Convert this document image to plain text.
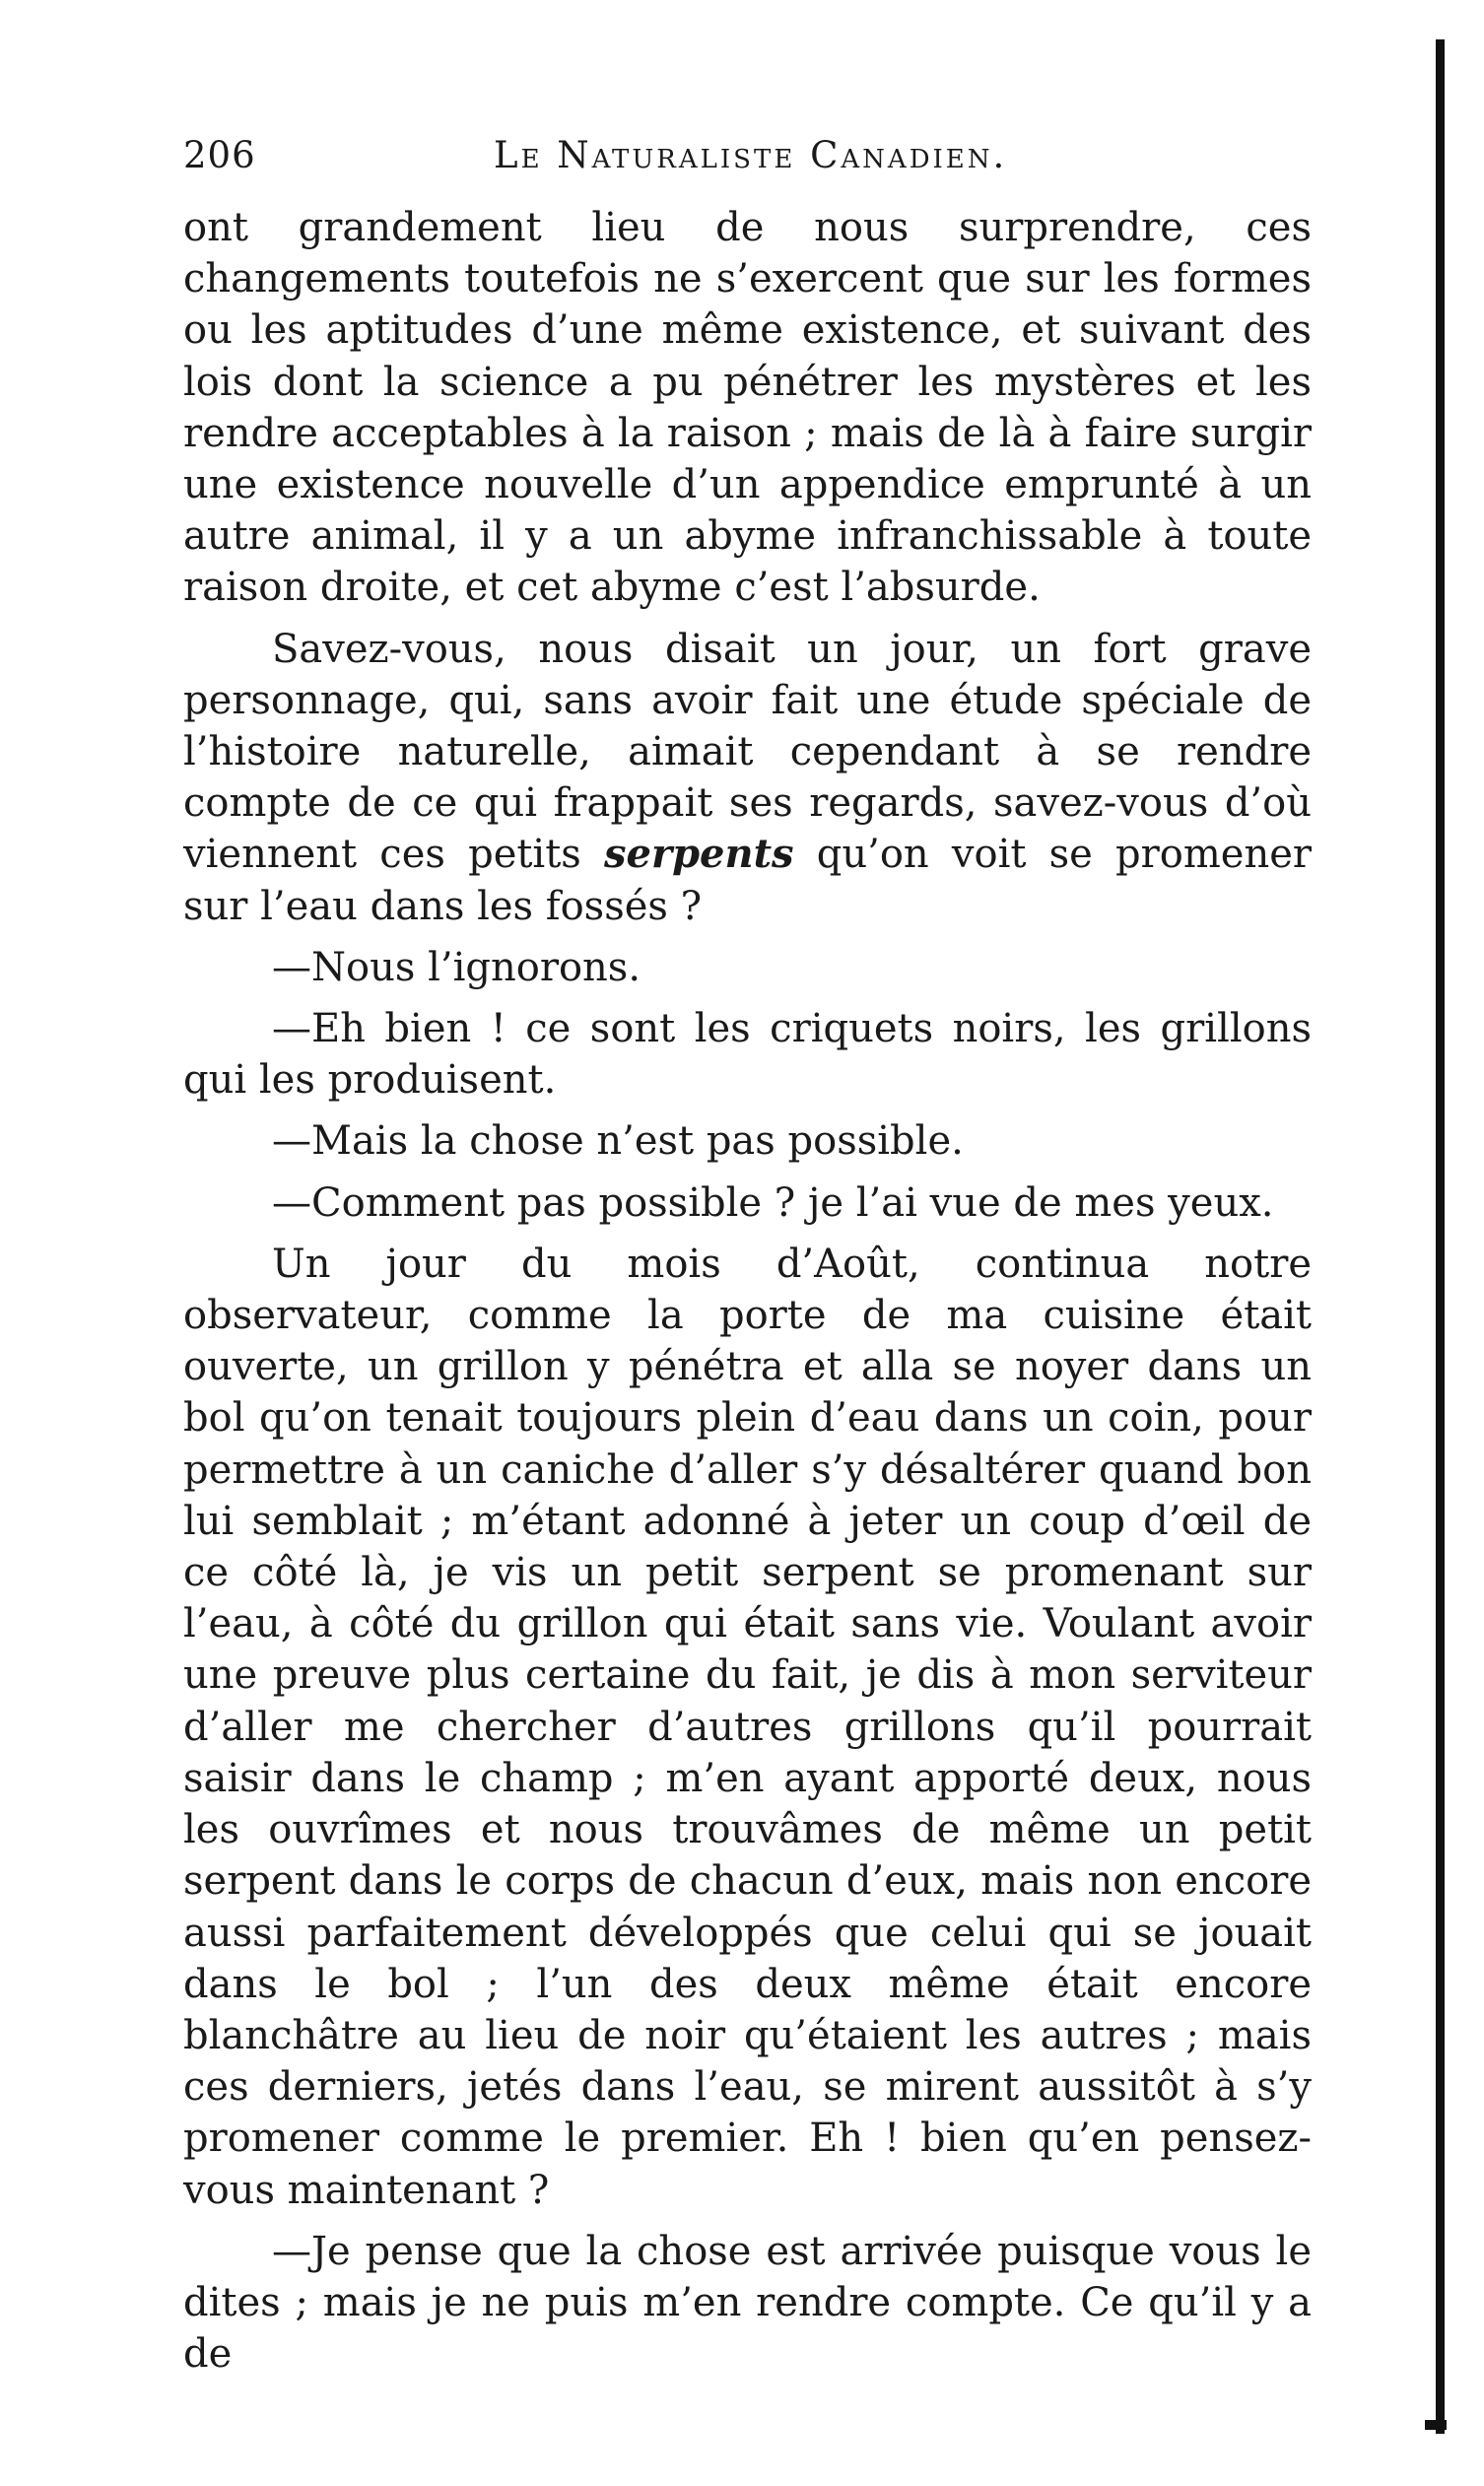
206	Le Naturaliste Canadien.

ont grandement lieu de nous surprendre, ces changements toutefois ne s’exercent que sur les formes ou les aptitudes d’une même existence, et suivant des lois dont la science a pu pénétrer les mystères et les rendre acceptables à la raison ; mais de là à faire surgir une existence nouvelle d’un appendice emprunté à un autre animal, il y a un abyme infranchissable à toute raison droite, et cet abyme c’est l’absurde.

Savez-vous, nous disait un jour, un fort grave personnage, qui, sans avoir fait une étude spéciale de l’histoire naturelle, aimait cependant à se rendre compte de ce qui frappait ses regards, savez-vous d’où viennent ces petits serpents qu’on voit se promener sur l’eau dans les fossés ?

—Nous l’ignorons.

—Eh bien ! ce sont les criquets noirs, les grillons qui les produisent.

—Mais la chose n’est pas possible.

—Comment pas possible ? je l’ai vue de mes yeux.

Un jour du mois d’Août, continua notre observateur, comme la porte de ma cuisine était ouverte, un grillon y pénétra et alla se noyer dans un bol qu’on tenait toujours plein d’eau dans un coin, pour permettre à un caniche d’aller s’y désaltérer quand bon lui semblait ; m’étant adonné à jeter un coup d’œil de ce côté là, je vis un petit serpent se promenant sur l’eau, à côté du grillon qui était sans vie. Voulant avoir une preuve plus certaine du fait, je dis à mon serviteur d’aller me chercher d’autres grillons qu’il pourrait saisir dans le champ ; m’en ayant apporté deux, nous les ouvrîmes et nous trouvâmes de même un petit serpent dans le corps de chacun d’eux, mais non encore aussi parfaitement développés que celui qui se jouait dans le bol ; l’un des deux même était encore blanchâtre au lieu de noir qu’étaient les autres ; mais ces derniers, jetés dans l’eau, se mirent aussitôt à s’y promener comme le premier. Eh ! bien qu’en pensez-vous maintenant ?

—Je pense que la chose est arrivée puisque vous le dites ; mais je ne puis m’en rendre compte. Ce qu’il y a de
